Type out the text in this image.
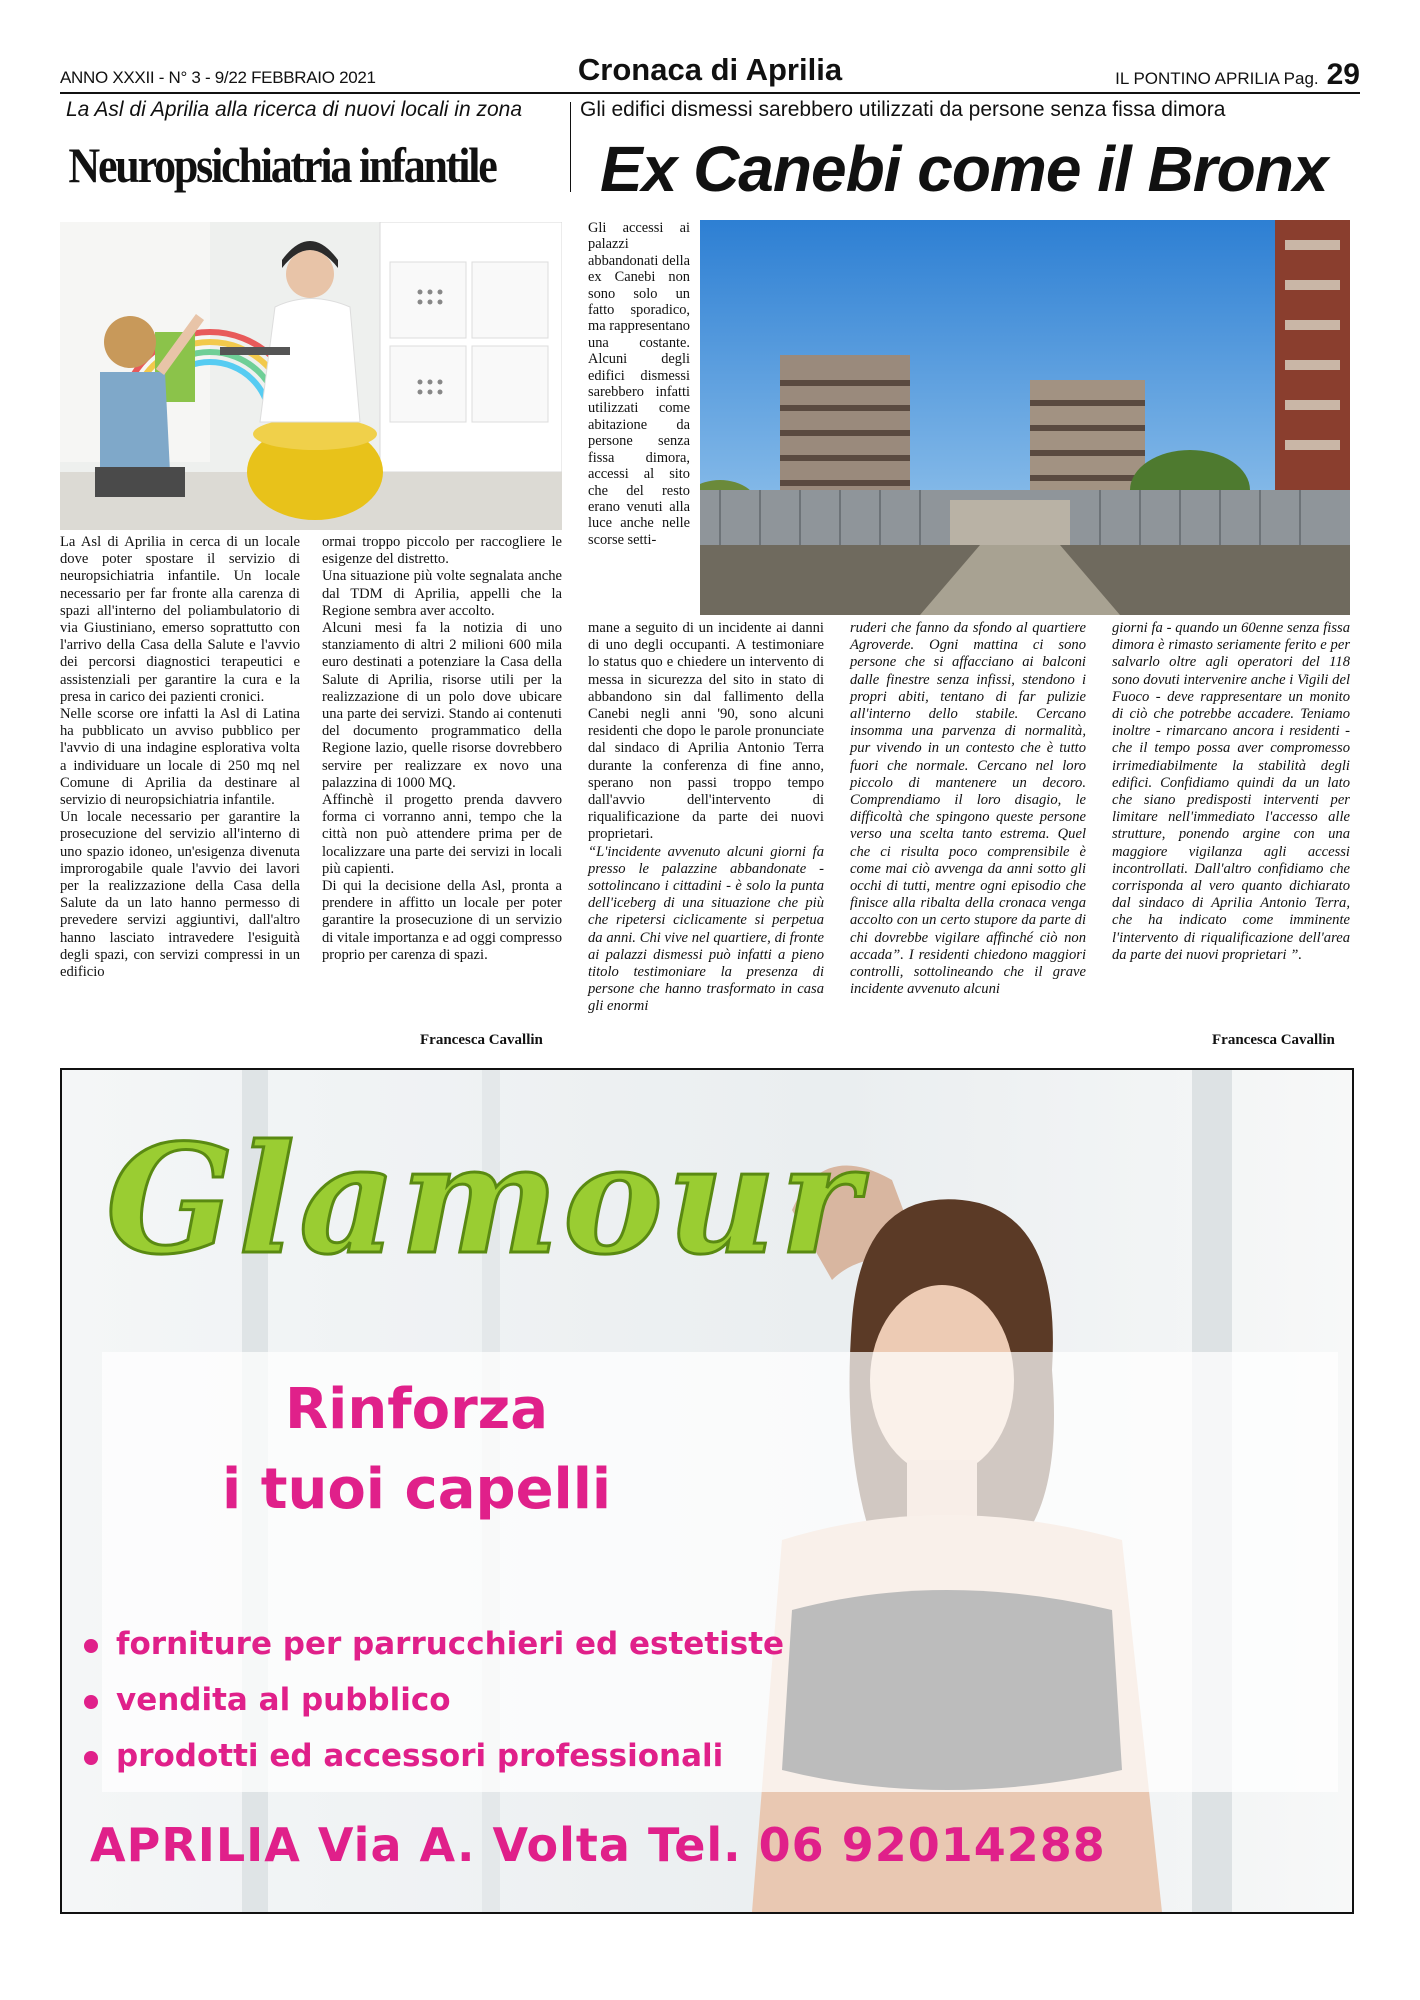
ANNO XXXII - N° 3 - 9/22 FEBBRAIO 2021	Cronaca di Aprilia	IL PONTINO APRILIA Pag. 29
La Asl di Aprilia alla ricerca di nuovi locali in zona	Gli edifici dismessi sarebbero utilizzati da persone senza fissa dimora
Neuropsichiatria infantile Ex Canebi come il Bronx

La Asl di Aprilia in cerca di un locale dove poter spostare il servizio di neuropsichiatria infantile. Un locale necessario per far fronte alla carenza di spazi all'interno del poliambulatorio di via Giustiniano, emerso soprattutto con l'arrivo della Casa della Salute e l'avvio dei percorsi diagnostici terapeutici e assistenziali per garantire la cura e la presa in carico dei pazienti cronici.

Nelle scorse ore infatti la Asl di Latina ha pubblicato un avviso pubblico per l'avvio di una indagine esplorativa volta a individuare un locale di 250 mq nel Comune di Aprilia da destinare al servizio di neuropsichiatria infantile.

Un locale necessario per garantire la prosecuzione del servizio all'interno di uno spazio idoneo, un'esigenza divenuta improrogabile quale l'avvio dei lavori per la realizzazione della Casa della Salute da un lato hanno permesso di prevedere servizi aggiuntivi, dall'altro hanno lasciato intravedere l'esiguità degli spazi, con servizi compressi in un edificio

ormai troppo piccolo per raccogliere le esigenze del distretto.

Una situazione più volte segnalata anche dal TDM di Aprilia, appelli che la Regione sembra aver accolto.

Alcuni mesi fa la notizia di uno stanziamento di altri 2 milioni 600 mila euro destinati a potenziare la Casa della Salute di Aprilia, risorse utili per la realizzazione di un polo dove ubicare una parte dei servizi. Stando ai contenuti del documento programmatico della Regione lazio, quelle risorse dovrebbero servire per realizzare ex novo una palazzina di 1000 MQ.

Affinchè il progetto prenda davvero forma ci vorranno anni, tempo che la città non può attendere prima per de localizzare una parte dei servizi in locali più capienti.

Di qui la decisione della Asl, pronta a prendere in affitto un locale per poter garantire la prosecuzione di un servizio di vitale importanza e ad oggi compresso proprio per carenza di spazi.

Francesca Cavallin

Gli accessi ai palazzi abbandonati della ex Canebi non sono solo un fatto sporadico, ma rappresentano una costante. Alcuni degli edifici dismessi sarebbero infatti utilizzati come abitazione da persone senza fissa dimora, accessi al sito che del resto erano venuti alla luce anche nelle scorse setti-

mane a seguito di un incidente ai danni di uno degli occupanti. A testimoniare lo status quo e chiedere un intervento di messa in sicurezza del sito in stato di abbandono sin dal fallimento della Canebi negli anni '90, sono alcuni residenti che dopo le parole pronunciate dal sindaco di Aprilia Antonio Terra durante la conferenza di fine anno, sperano non passi troppo tempo dall'avvio dell'intervento di riqualificazione da parte dei nuovi proprietari.

“L'incidente avvenuto alcuni giorni fa presso le palazzine abbandonate - sottolincano i cittadini - è solo la punta dell'iceberg di una situazione che più che ripetersi ciclicamente si perpetua da anni. Chi vive nel quartiere, di fronte ai palazzi dismessi può infatti a pieno titolo testimoniare la presenza di persone che hanno trasformato in casa gli enormi

ruderi che fanno da sfondo al quartiere Agroverde. Ogni mattina ci sono persone che si affacciano ai balconi dalle finestre senza infissi, stendono i propri abiti, tentano di far pulizie all'interno dello stabile. Cercano insomma una parvenza di normalità, pur vivendo in un contesto che è tutto fuori che normale. Cercano nel loro piccolo di mantenere un decoro. Comprendiamo il loro disagio, le difficoltà che spingono queste persone verso una scelta tanto estrema. Quel che ci risulta poco comprensibile è come mai ciò avvenga da anni sotto gli occhi di tutti, mentre ogni episodio che finisce alla ribalta della cronaca venga accolto con un certo stupore da parte di chi dovrebbe vigilare affinché ciò non accada”. I residenti chiedono maggiori controlli, sottolineando che il grave incidente avvenuto alcuni

giorni fa - quando un 60enne senza fissa dimora è rimasto seriamente ferito e per salvarlo oltre agli operatori del 118 sono dovuti intervenire anche i Vigili del Fuoco - deve rappresentare un monito di ciò che potrebbe accadere. Teniamo inoltre - rimarcano ancora i residenti - che il tempo possa aver compromesso irrimediabilmente la stabilità degli edifici. Confidiamo quindi da un lato che siano predisposti interventi per limitare nell'immediato l'accesso alle strutture, ponendo argine con una maggiore vigilanza agli accessi incontrollati. Dall'altro confidiamo che corrisponda al vero quanto dichiarato dal sindaco di Aprilia Antonio Terra, che ha indicato come imminente l'intervento di riqualificazione dell'area da parte dei nuovi proprietari ”.

Francesca Cavallin
Glamour
Rinforza
i tuoi capelli
forniture per parrucchieri ed estetiste
vendita al pubblico
prodotti ed accessori professionali
APRILIA Via A. Volta Tel. 06 92014288
